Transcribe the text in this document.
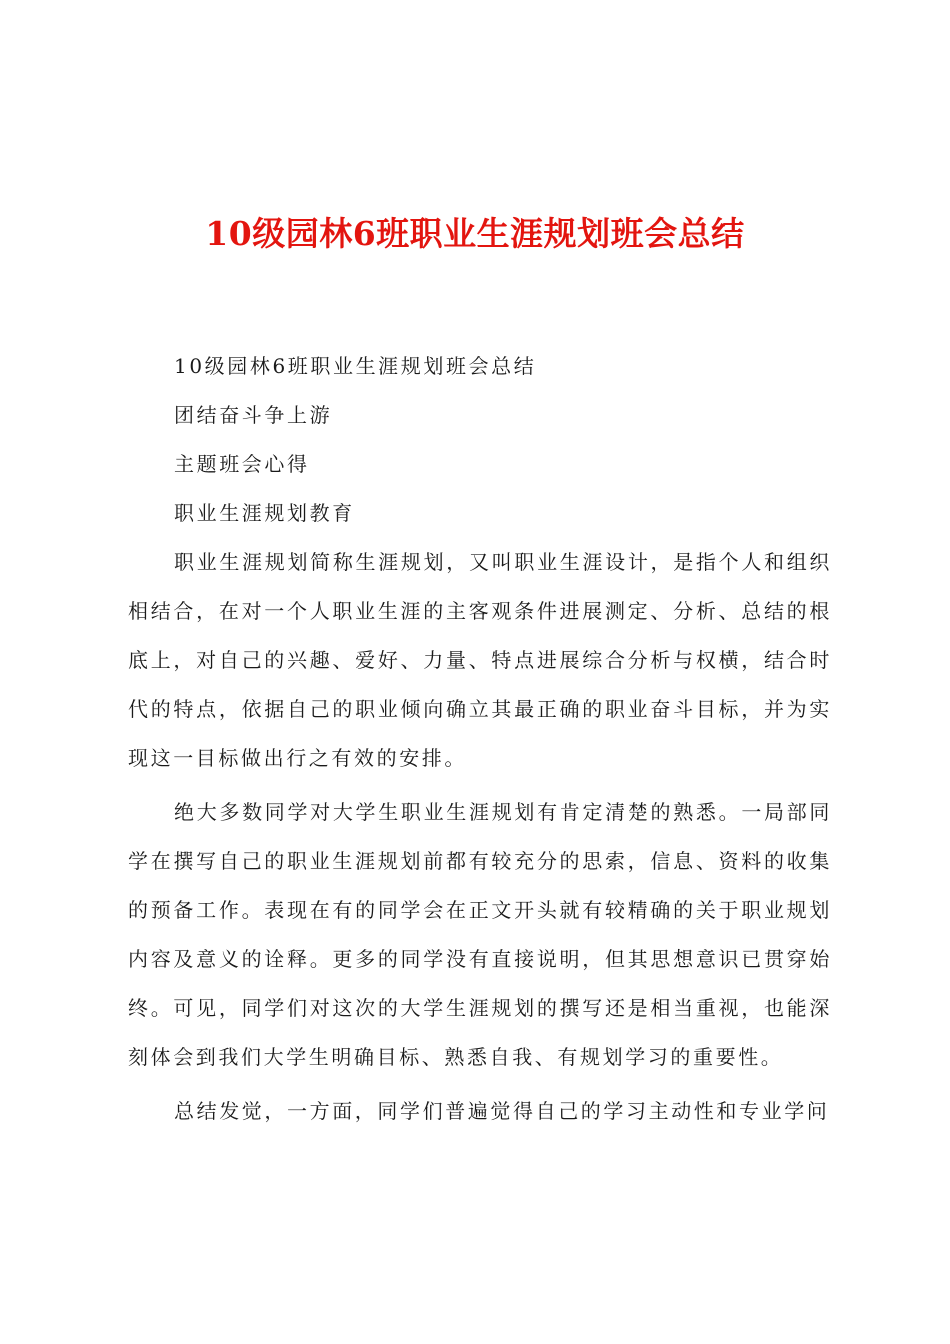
10级园林6班职业生涯规划班会总结

10级园林6班职业生涯规划班会总结

团结奋斗争上游

主题班会心得

职业生涯规划教育

职业生涯规划简称生涯规划，又叫职业生涯设计，是指个人和组织相结合，在对一个人职业生涯的主客观条件进展测定、分析、总结的根底上，对自己的兴趣、爱好、力量、特点进展综合分析与权横，结合时代的特点，依据自己的职业倾向确立其最正确的职业奋斗目标，并为实现这一目标做出行之有效的安排。

绝大多数同学对大学生职业生涯规划有肯定清楚的熟悉。一局部同学在撰写自己的职业生涯规划前都有较充分的思索，信息、资料的收集的预备工作。表现在有的同学会在正文开头就有较精确的关于职业规划内容及意义的诠释。更多的同学没有直接说明，但其思想意识已贯穿始终。可见，同学们对这次的大学生涯规划的撰写还是相当重视，也能深刻体会到我们大学生明确目标、熟悉自我、有规划学习的重要性。

总结发觉，一方面，同学们普遍觉得自己的学习主动性和专业学问
